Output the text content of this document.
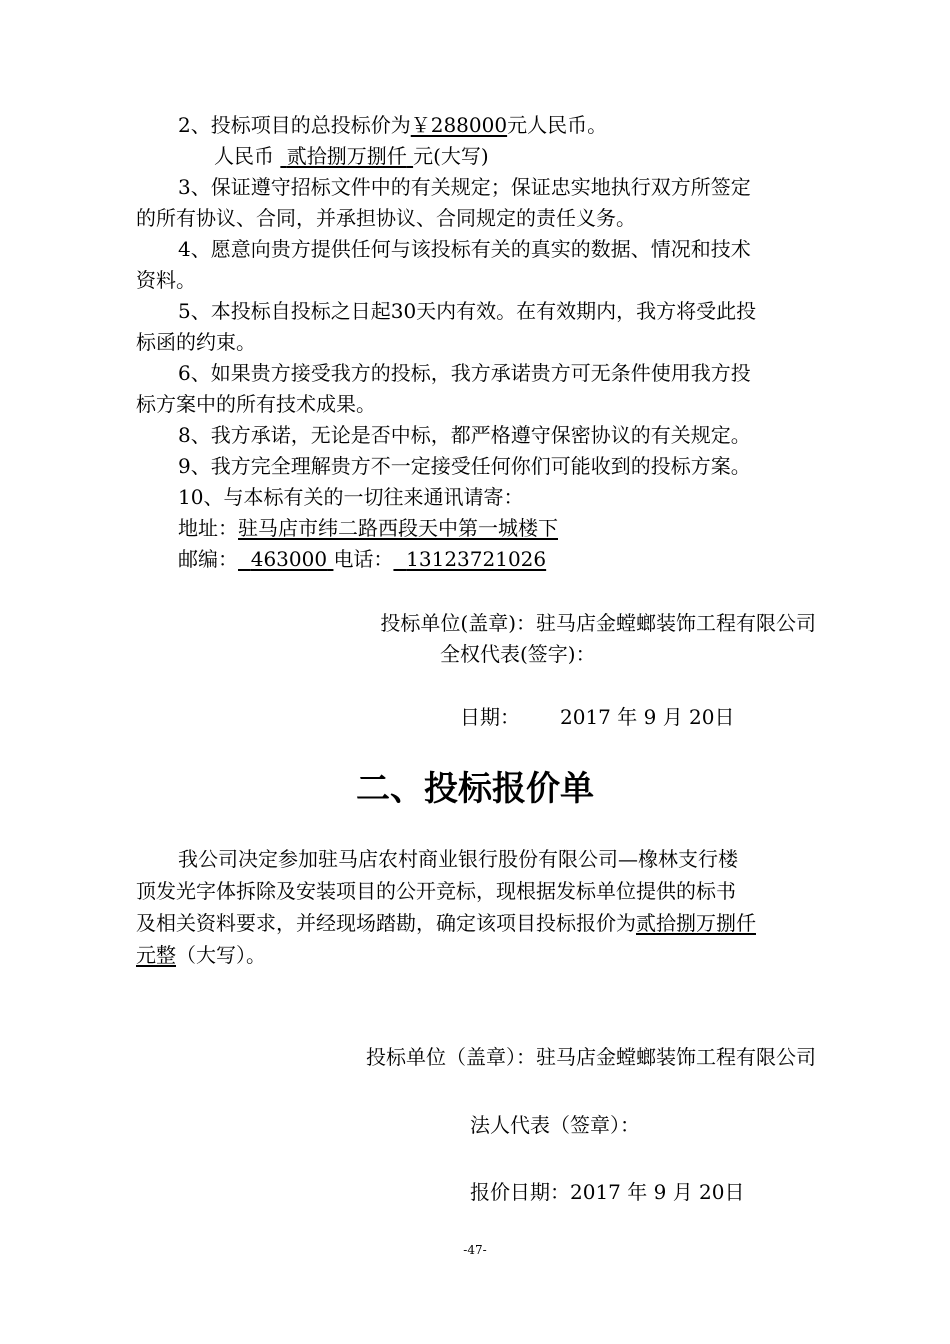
2、投标项目的总投标价为￥288000元人民币。
人民币 贰拾捌万捌仟 元(大写)
3、保证遵守招标文件中的有关规定；保证忠实地执行双方所签定
的所有协议、合同，并承担协议、合同规定的责任义务。
4、愿意向贵方提供任何与该投标有关的真实的数据、情况和技术
资料。
5、本投标自投标之日起30天内有效。在有效期内，我方将受此投
标函的约束。
6、如果贵方接受我方的投标，我方承诺贵方可无条件使用我方投
标方案中的所有技术成果。
8、我方承诺，无论是否中标，都严格遵守保密协议的有关规定。
9、我方完全理解贵方不一定接受任何你们可能收到的投标方案。
10、与本标有关的一切往来通讯请寄：
地址：驻马店市纬二路西段天中第一城楼下
邮编： 463000 电话： 13123721026
投标单位(盖章)：驻马店金螳螂装饰工程有限公司
全权代表(签字)：
日期： 2017 年 9 月 20日
二、投标报价单
我公司决定参加驻马店农村商业银行股份有限公司—橡林支行楼
顶发光字体拆除及安装项目的公开竞标，现根据发标单位提供的标书
及相关资料要求，并经现场踏勘，确定该项目投标报价为贰拾捌万捌仟
元整（大写）。
投标单位（盖章）：驻马店金螳螂装饰工程有限公司
法人代表（签章）：
报价日期：2017 年 9 月 20日
-47-
